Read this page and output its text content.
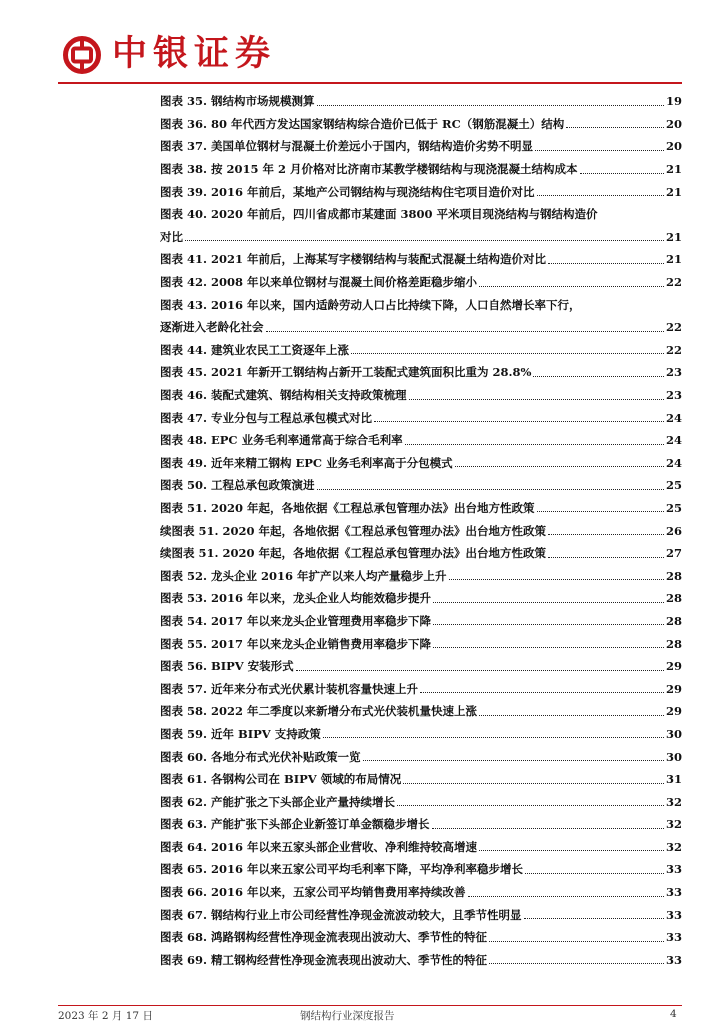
中银证券
图表 35. 钢结构市场规模测算	19
图表 36. 80 年代西方发达国家钢结构综合造价已低于 RC（钢筋混凝土）结构	20
图表 37. 美国单位钢材与混凝土价差远小于国内，钢结构造价劣势不明显	20
图表 38. 按 2015 年 2 月价格对比济南市某教学楼钢结构与现浇混凝土结构成本	21
图表 39. 2016 年前后，某地产公司钢结构与现浇结构住宅项目造价对比	21
图表 40. 2020 年前后，四川省成都市某建面 3800 平米项目现浇结构与钢结构造价
对比	21
图表 41. 2021 年前后，上海某写字楼钢结构与装配式混凝土结构造价对比	21
图表 42. 2008 年以来单位钢材与混凝土间价格差距稳步缩小	22
图表 43. 2016 年以来，国内适龄劳动人口占比持续下降，人口自然增长率下行，
逐渐进入老龄化社会	22
图表 44. 建筑业农民工工资逐年上涨	22
图表 45. 2021 年新开工钢结构占新开工装配式建筑面积比重为 28.8%	23
图表 46. 装配式建筑、钢结构相关支持政策梳理	23
图表 47. 专业分包与工程总承包模式对比	24
图表 48. EPC 业务毛利率通常高于综合毛利率	24
图表 49. 近年来精工钢构 EPC 业务毛利率高于分包模式	24
图表 50. 工程总承包政策演进	25
图表 51. 2020 年起，各地依据《工程总承包管理办法》出台地方性政策	25
续图表 51. 2020 年起，各地依据《工程总承包管理办法》出台地方性政策	26
续图表 51. 2020 年起，各地依据《工程总承包管理办法》出台地方性政策	27
图表 52. 龙头企业 2016 年扩产以来人均产量稳步上升	28
图表 53. 2016 年以来，龙头企业人均能效稳步提升	28
图表 54. 2017 年以来龙头企业管理费用率稳步下降	28
图表 55. 2017 年以来龙头企业销售费用率稳步下降	28
图表 56. BIPV 安装形式	29
图表 57. 近年来分布式光伏累计装机容量快速上升	29
图表 58. 2022 年二季度以来新增分布式光伏装机量快速上涨	29
图表 59. 近年 BIPV 支持政策	30
图表 60. 各地分布式光伏补贴政策一览	30
图表 61. 各钢构公司在 BIPV 领域的布局情况	31
图表 62. 产能扩张之下头部企业产量持续增长	32
图表 63. 产能扩张下头部企业新签订单金额稳步增长	32
图表 64. 2016 年以来五家头部企业营收、净利维持较高增速	32
图表 65. 2016 年以来五家公司平均毛利率下降，平均净利率稳步增长	33
图表 66. 2016 年以来，五家公司平均销售费用率持续改善	33
图表 67. 钢结构行业上市公司经营性净现金流波动较大，且季节性明显	33
图表 68. 鸿路钢构经营性净现金流表现出波动大、季节性的特征	33
图表 69. 精工钢构经营性净现金流表现出波动大、季节性的特征	33
2023 年 2 月 17 日	钢结构行业深度报告	4
